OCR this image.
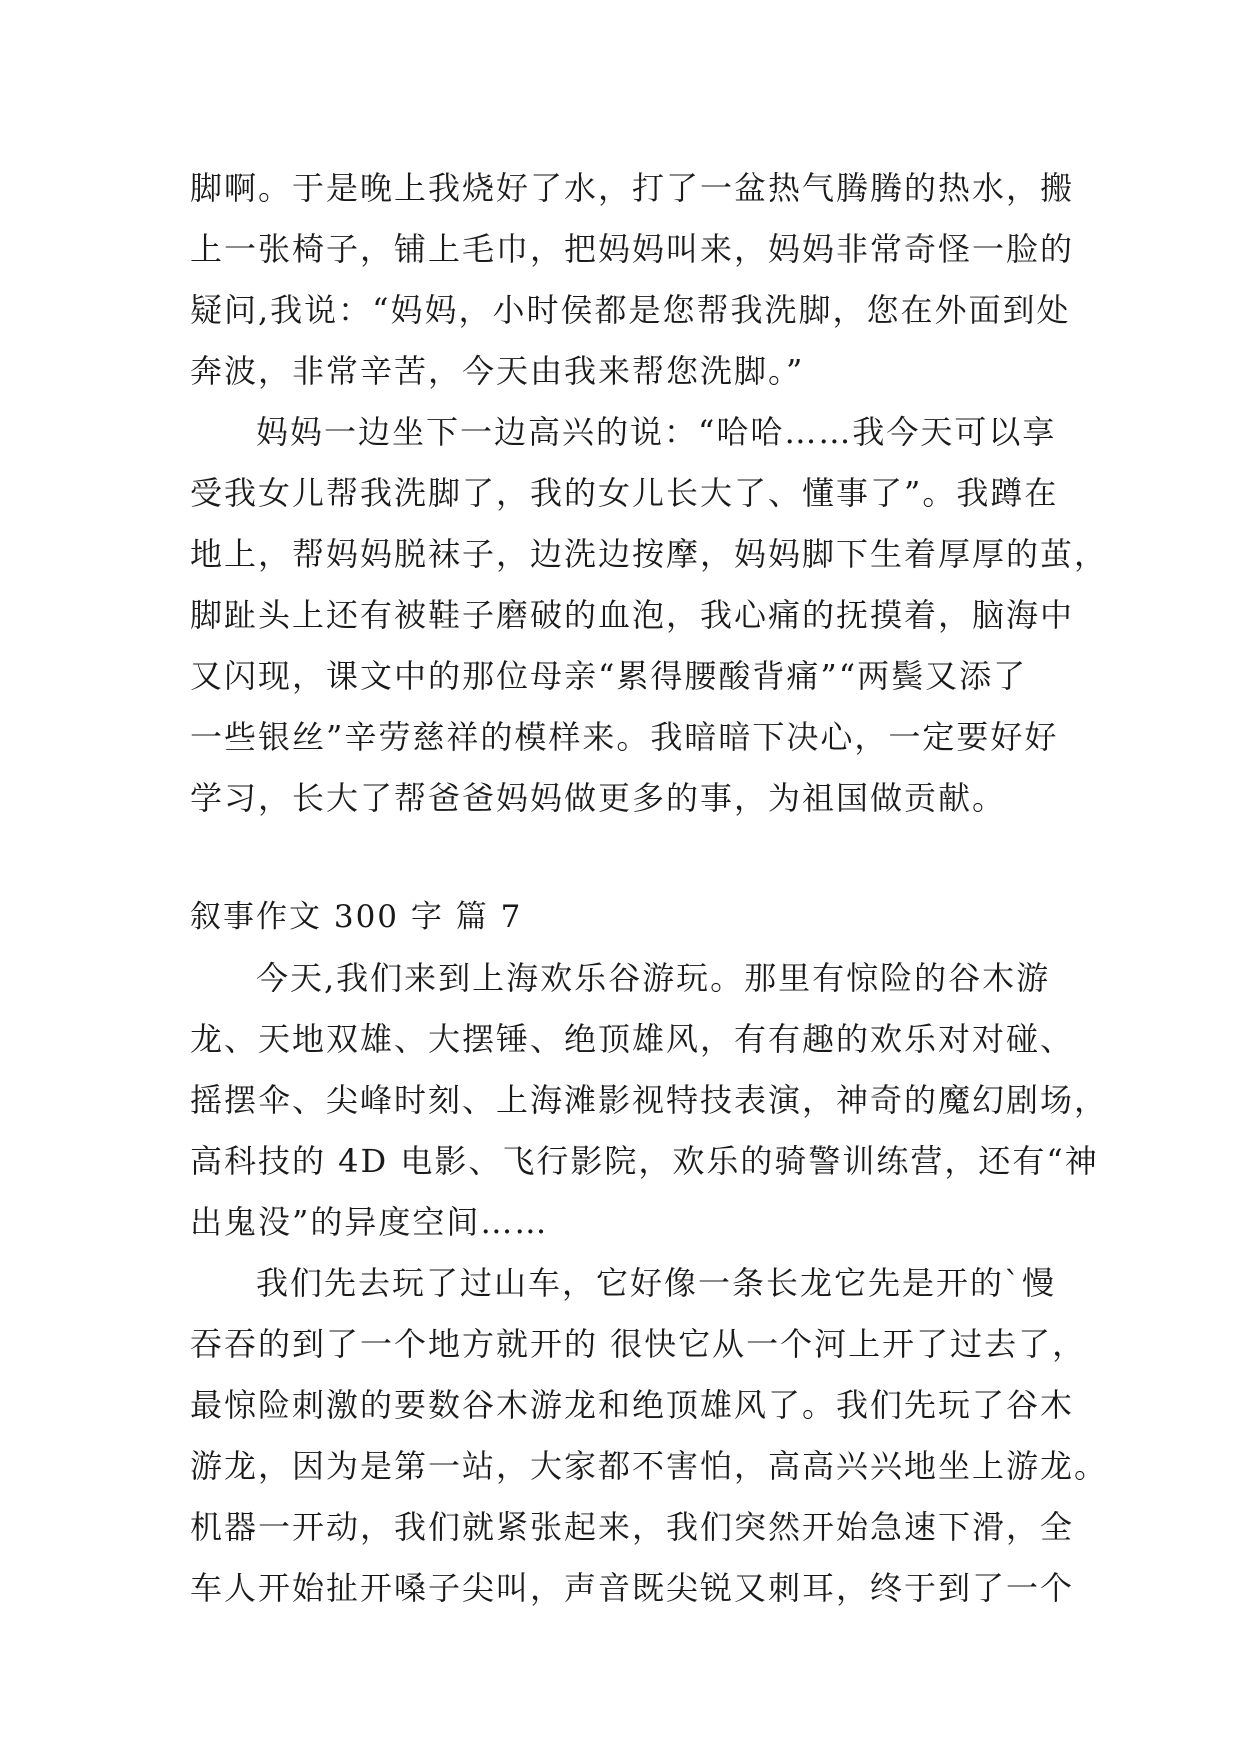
脚啊。于是晚上我烧好了水，打了一盆热气腾腾的热水，搬
上一张椅子，铺上毛巾，把妈妈叫来，妈妈非常奇怪一脸的
疑问,我说：“妈妈，小时侯都是您帮我洗脚，您在外面到处
奔波，非常辛苦，今天由我来帮您洗脚。”
妈妈一边坐下一边高兴的说：“哈哈……我今天可以享
受我女儿帮我洗脚了，我的女儿长大了、懂事了”。我蹲在
地上，帮妈妈脱袜子，边洗边按摩，妈妈脚下生着厚厚的茧，
脚趾头上还有被鞋子磨破的血泡，我心痛的抚摸着，脑海中
又闪现，课文中的那位母亲“累得腰酸背痛”“两鬓又添了
一些银丝”辛劳慈祥的模样来。我暗暗下决心，一定要好好
学习，长大了帮爸爸妈妈做更多的事，为祖国做贡献。
叙事作文 300 字 篇 7
今天,我们来到上海欢乐谷游玩。那里有惊险的谷木游
龙、天地双雄、大摆锤、绝顶雄风，有有趣的欢乐对对碰、
摇摆伞、尖峰时刻、上海滩影视特技表演，神奇的魔幻剧场，
高科技的 4D 电影、飞行影院，欢乐的骑警训练营，还有“神
出鬼没”的异度空间……
我们先去玩了过山车，它好像一条长龙它先是开的`慢
吞吞的到了一个地方就开的 很快它从一个河上开了过去了，
最惊险刺激的要数谷木游龙和绝顶雄风了。我们先玩了谷木
游龙，因为是第一站，大家都不害怕，高高兴兴地坐上游龙。
机器一开动，我们就紧张起来，我们突然开始急速下滑，全
车人开始扯开嗓子尖叫，声音既尖锐又刺耳，终于到了一个
